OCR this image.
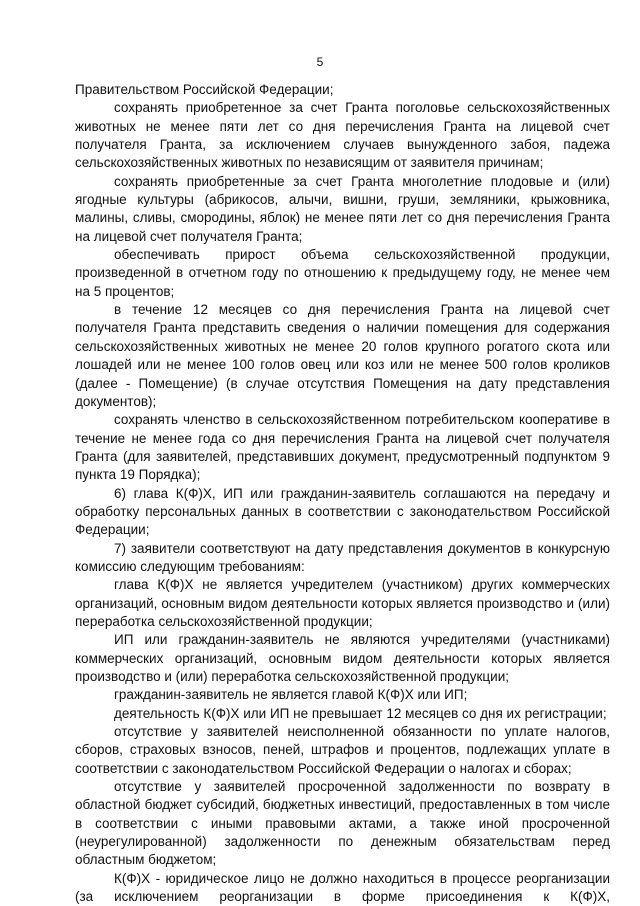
5

Правительством Российской Федерации;

сохранять приобретенное за счет Гранта поголовье сельскохозяйственных животных не менее пяти лет со дня перечисления Гранта на лицевой счет получателя Гранта, за исключением случаев вынужденного забоя, падежа сельскохозяйственных животных по независящим от заявителя причинам;

сохранять приобретенные за счет Гранта многолетние плодовые и (или) ягодные культуры (абрикосов, алычи, вишни, груши, земляники, крыжовника, малины, сливы, смородины, яблок) не менее пяти лет со дня перечисления Гранта на лицевой счет получателя Гранта;

обеспечивать прирост объема сельскохозяйственной продукции, произведенной в отчетном году по отношению к предыдущему году, не менее чем на 5 процентов;

в течение 12 месяцев со дня перечисления Гранта на лицевой счет получателя Гранта представить сведения о наличии помещения для содержания сельскохозяйственных животных не менее 20 голов крупного рогатого скота или лошадей или не менее 100 голов овец или коз или не менее 500 голов кроликов (далее - Помещение) (в случае отсутствия Помещения на дату представления документов);

сохранять членство в сельскохозяйственном потребительском кооперативе в течение не менее года со дня перечисления Гранта на лицевой счет получателя Гранта (для заявителей, представивших документ, предусмотренный подпунктом 9 пункта 19 Порядка);

6) глава К(Ф)Х, ИП или гражданин-заявитель соглашаются на передачу и обработку персональных данных в соответствии с законодательством Российской Федерации;

7) заявители соответствуют на дату представления документов в конкурсную комиссию следующим требованиям:

глава К(Ф)Х не является учредителем (участником) других коммерческих организаций, основным видом деятельности которых является производство и (или) переработка сельскохозяйственной продукции;

ИП или гражданин-заявитель не являются учредителями (участниками) коммерческих организаций, основным видом деятельности которых является производство и (или) переработка сельскохозяйственной продукции;

гражданин-заявитель не является главой К(Ф)Х или ИП;

деятельность К(Ф)Х или ИП не превышает 12 месяцев со дня их регистрации;

отсутствие у заявителей неисполненной обязанности по уплате налогов, сборов, страховых взносов, пеней, штрафов и процентов, подлежащих уплате в соответствии с законодательством Российской Федерации о налогах и сборах;

отсутствие у заявителей просроченной задолженности по возврату в областной бюджет субсидий, бюджетных инвестиций, предоставленных в том числе в соответствии с иными правовыми актами, а также иной просроченной (неурегулированной) задолженности по денежным обязательствам перед областным бюджетом;

К(Ф)Х - юридическое лицо не должно находиться в процессе реорганизации (за исключением реорганизации в форме присоединения к К(Ф)Х,
